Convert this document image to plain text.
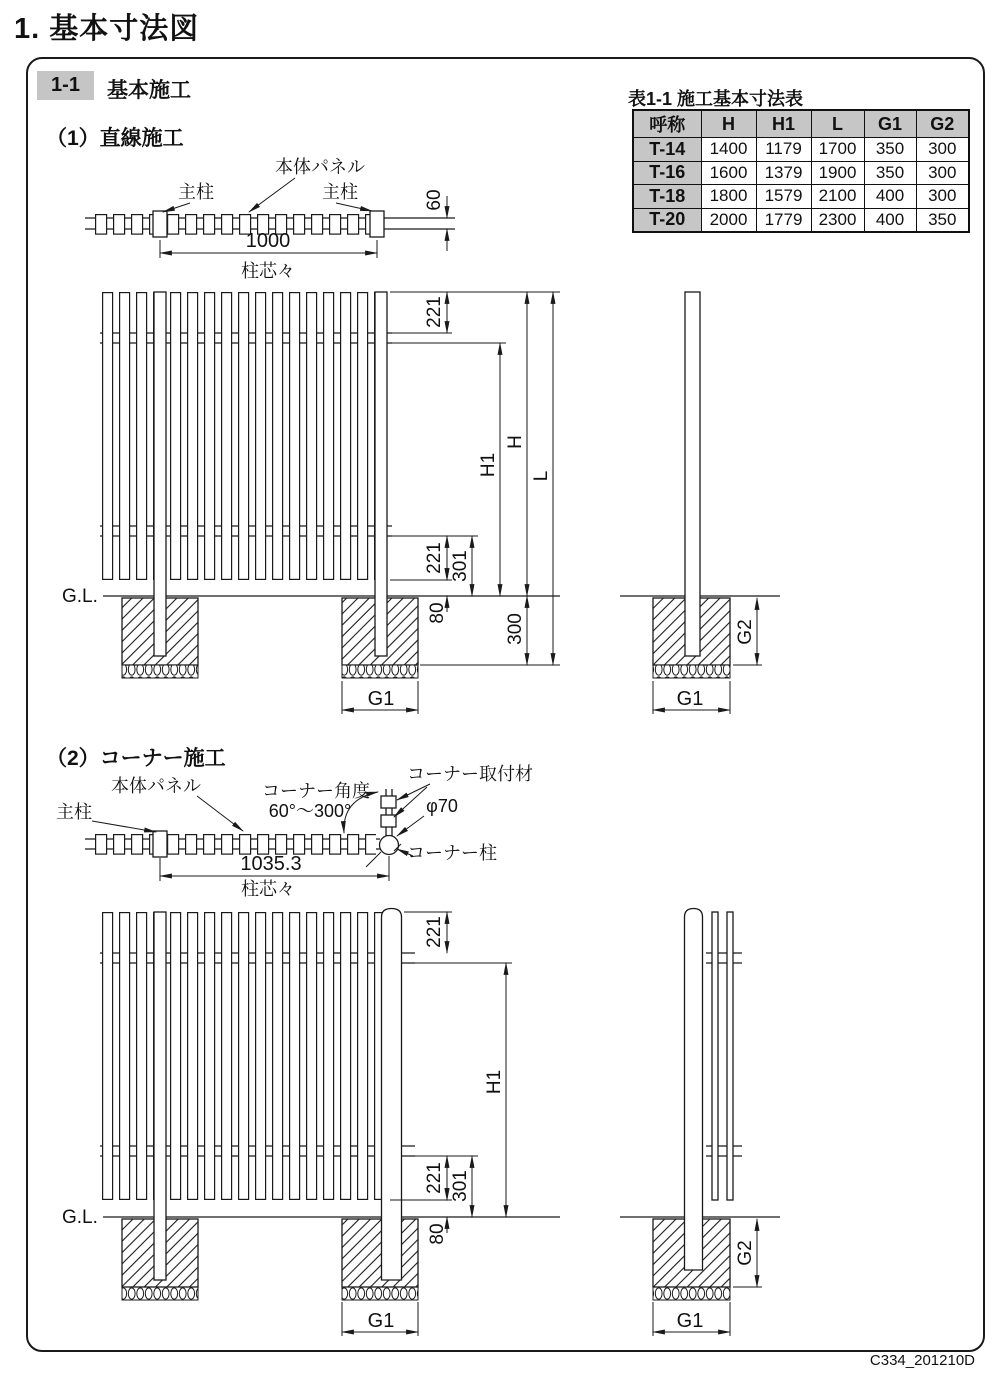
1. 基本寸法図
1-1	基本施工
（1）直線施工
（2）コーナー施工
表1-1 施工基本寸法表
呼称	H	H1	L	G1	G2
T-14	1400	1179	1700	350	300
T-16	1600	1379	1900	350	300
T-18	1800	1579	2100	400	300
T-20	2000	1779	2300	400	350
主柱	主柱
本体パネル
60
1000
柱芯々
G.L.
221
H1
H
L
221 301
80
300
G1
G2
G1
主柱
本体パネル	コーナー角度
60°～300°
コーナー取付材
φ70
コーナー柱
1035.3
柱芯々
G.L.
221
H1
221 301
80
G1
G2
G1
C334_201210D
